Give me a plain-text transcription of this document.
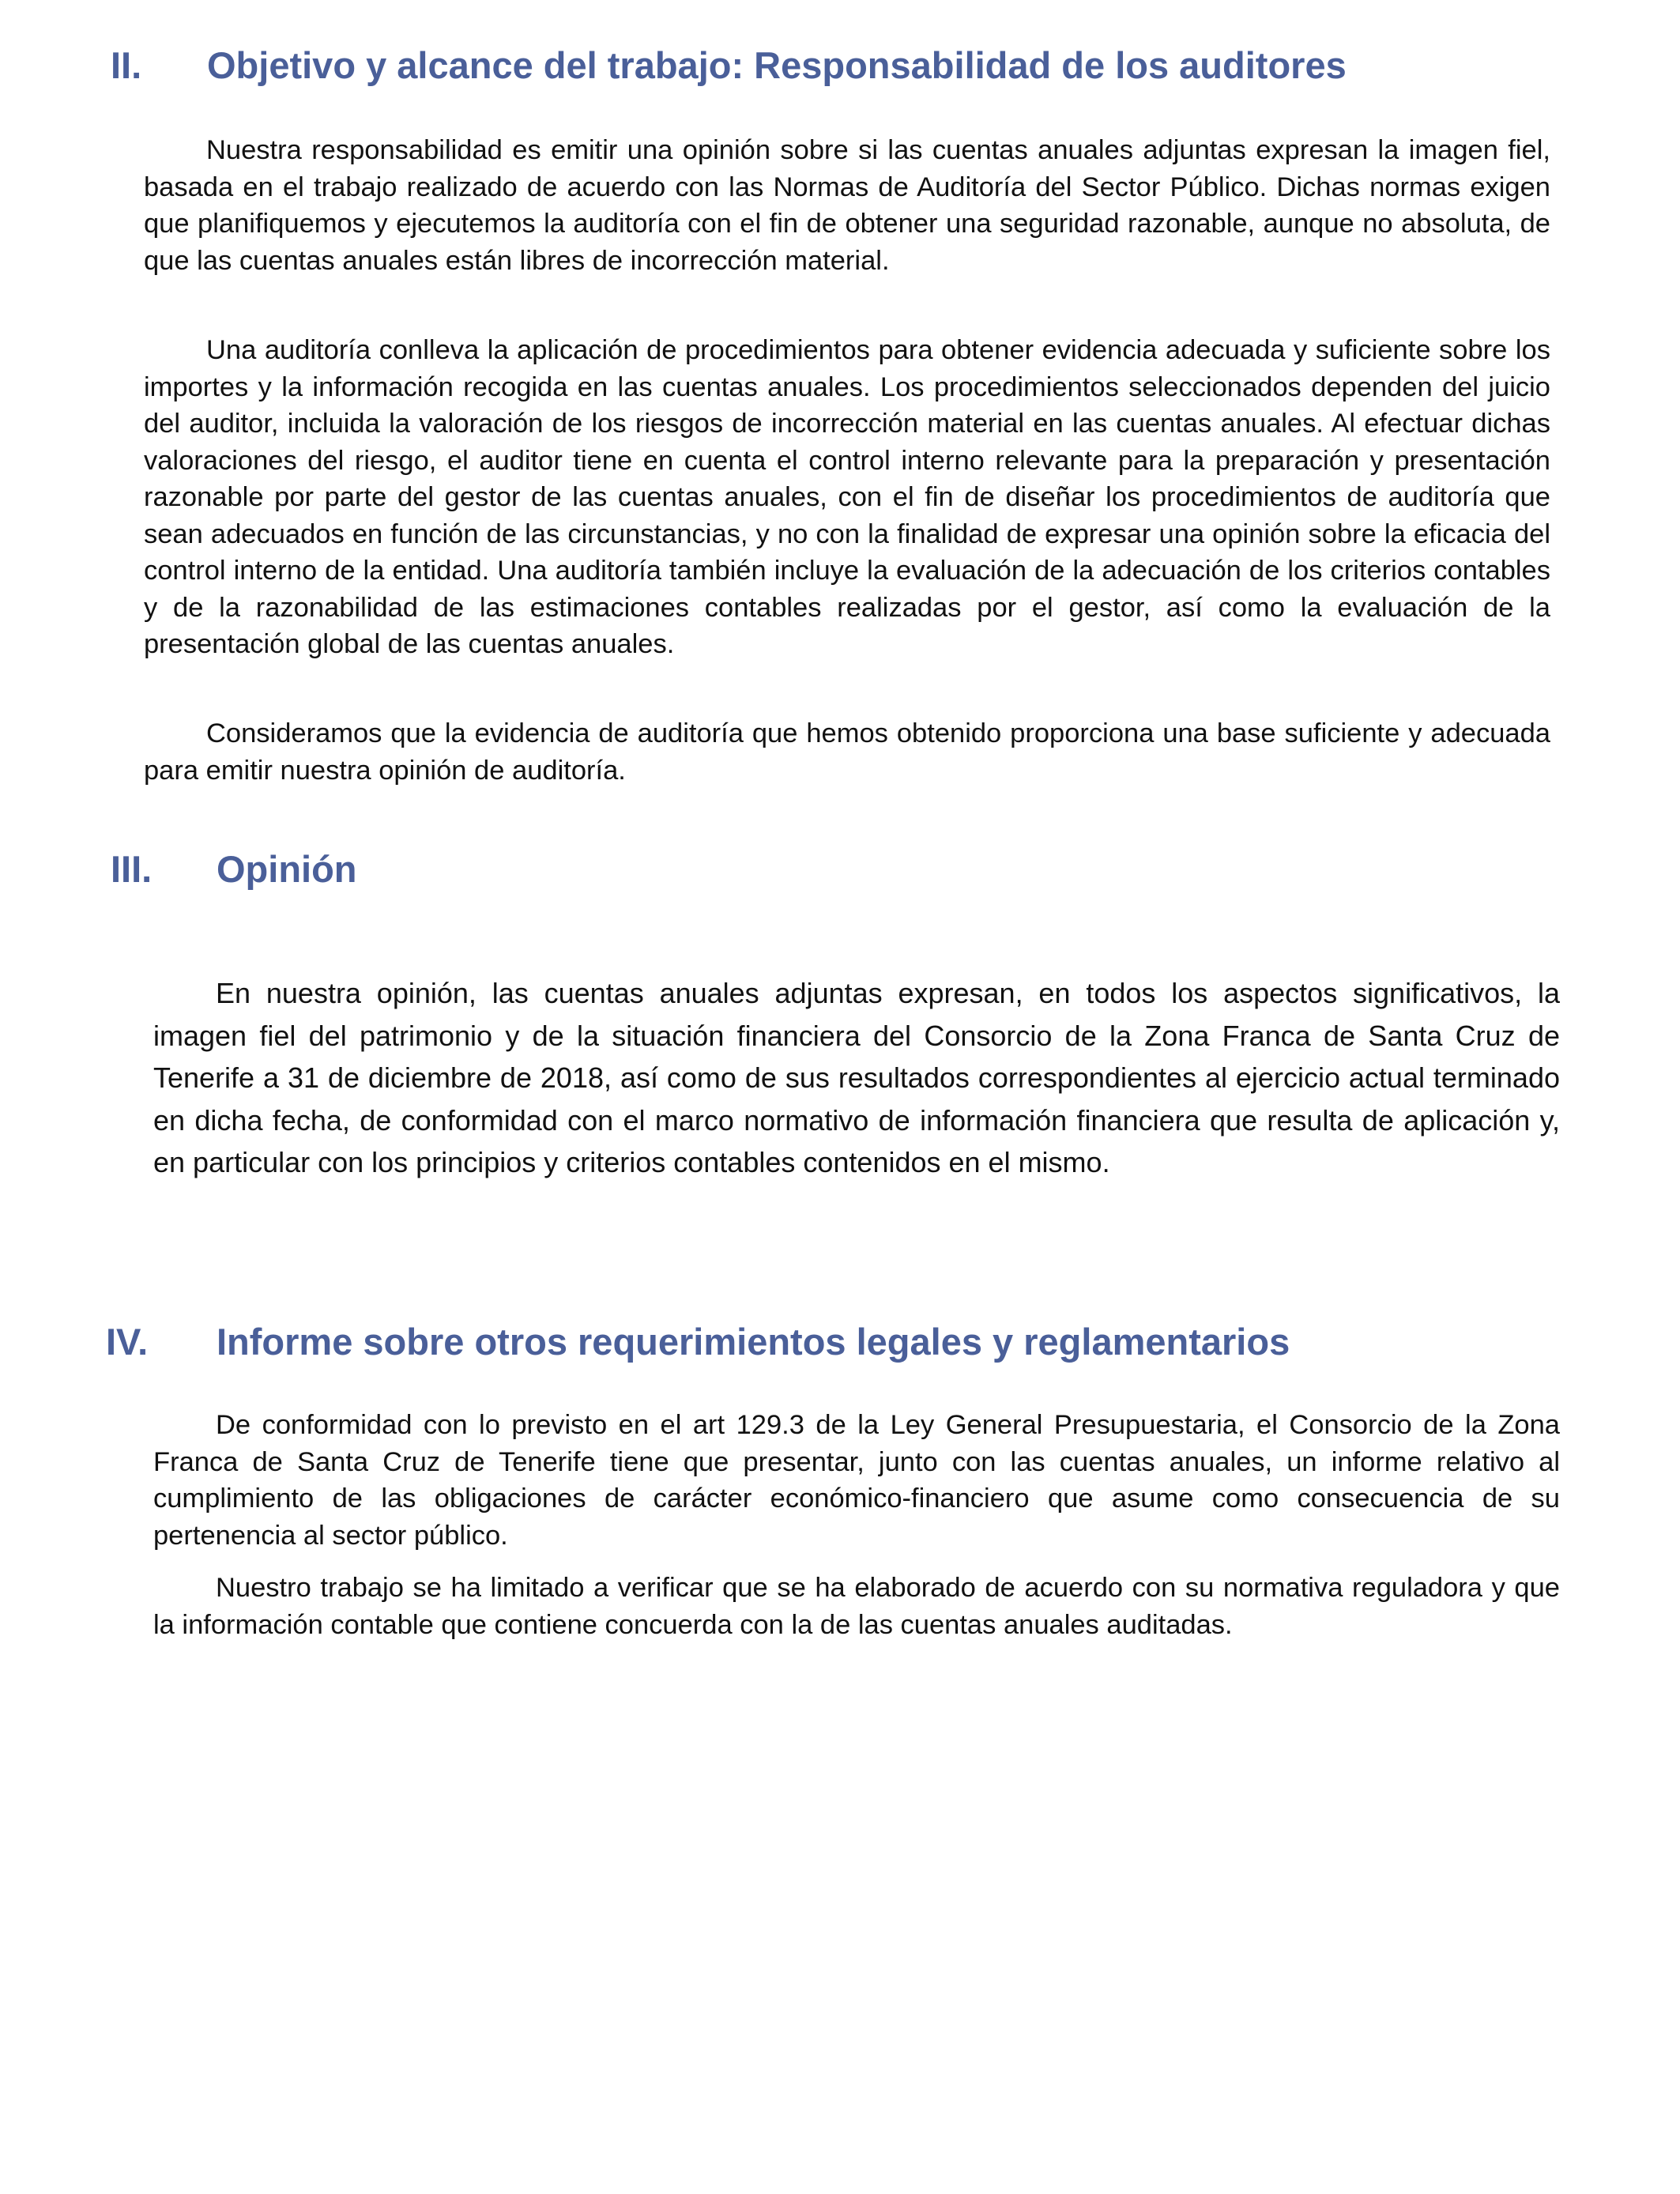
II.	Objetivo y alcance del trabajo: Responsabilidad de los auditores

Nuestra responsabilidad es emitir una opinión sobre si las cuentas anuales adjuntas expresan la imagen fiel, basada en el trabajo realizado de acuerdo con las Normas de Auditoría del Sector Público. Dichas normas exigen que planifiquemos y ejecutemos la auditoría con el fin de obtener una seguridad razonable, aunque no absoluta, de que las cuentas anuales están libres de incorrección material.

Una auditoría conlleva la aplicación de procedimientos para obtener evidencia adecuada y suficiente sobre los importes y la información recogida en las cuentas anuales. Los procedimientos seleccionados dependen del juicio del auditor, incluida la valoración de los riesgos de incorrección material en las cuentas anuales. Al efectuar dichas valoraciones del riesgo, el auditor tiene en cuenta el control interno relevante para la preparación y presentación razonable por parte del gestor de las cuentas anuales, con el fin de diseñar los procedimientos de auditoría que sean adecuados en función de las circunstancias, y no con la finalidad de expresar una opinión sobre la eficacia del control interno de la entidad. Una auditoría también incluye la evaluación de la adecuación de los criterios contables y de la razonabilidad de las estimaciones contables realizadas por el gestor, así como la evaluación de la presentación global de las cuentas anuales.

Consideramos que la evidencia de auditoría que hemos obtenido proporciona una base suficiente y adecuada para emitir nuestra opinión de auditoría.

III.	Opinión

En nuestra opinión, las cuentas anuales adjuntas expresan, en todos los aspectos significativos, la imagen fiel del patrimonio y de la situación financiera del Consorcio de la Zona Franca de Santa Cruz de Tenerife a 31 de diciembre de 2018, así como de sus resultados correspondientes al ejercicio actual terminado en dicha fecha, de conformidad con el marco normativo de información financiera que resulta de aplicación y, en particular con los principios y criterios contables contenidos en el mismo.

IV.	Informe sobre otros requerimientos legales y reglamentarios

De conformidad con lo previsto en el art 129.3 de la Ley General Presupuestaria, el Consorcio de la Zona Franca de Santa Cruz de Tenerife tiene que presentar, junto con las cuentas anuales, un informe relativo al cumplimiento de las obligaciones de carácter económico-financiero que asume como consecuencia de su pertenencia al sector público.

Nuestro trabajo se ha limitado a verificar que se ha elaborado de acuerdo con su normativa reguladora y que la información contable que contiene concuerda con la de las cuentas anuales auditadas.
